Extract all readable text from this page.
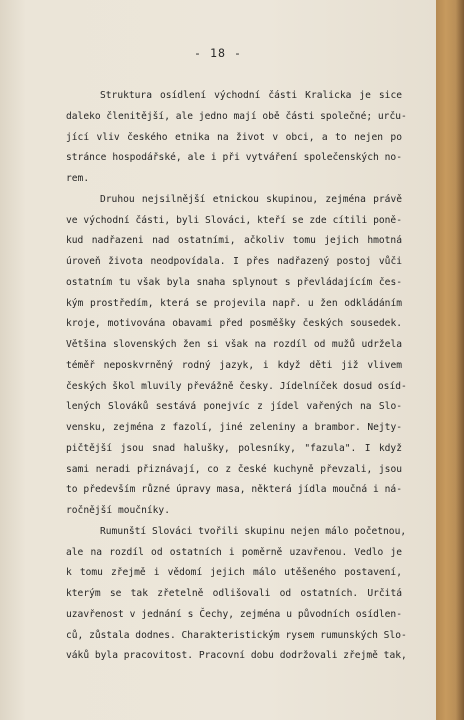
- 18 -
Struktura osídlení východní části Kralicka je sice
daleko členitější, ale jedno mají obě části společné; urču-
jící vliv českého etnika na život v obci, a to nejen po
stránce hospodářské, ale i při vytváření společenských no-
rem.
Druhou nejsilnější etnickou skupinou, zejména právě
ve východní části, byli Slováci, kteří se zde cítili poně-
kud nadřazeni nad ostatními, ačkoliv tomu jejich hmotná
úroveň života neodpovídala. I přes nadřazený postoj vůči
ostatním tu však byla snaha splynout s převládajícím čes-
kým prostředím, která se projevila např. u žen odkládáním
kroje, motivována obavami před posměšky českých sousedek.
Většina slovenských žen si však na rozdíl od mužů udržela
téměř neposkvrněný rodný jazyk, i když děti již vlivem
českých škol mluvily převážně česky. Jídelníček dosud osíd-
lených Slováků sestává ponejvíc z jídel vařených na Slo-
vensku, zejména z fazolí, jiné zeleniny a brambor. Nejty-
pičtější jsou snad halušky, polesníky, "fazula". I když
sami neradi přiznávají, co z české kuchyně převzali, jsou
to především různé úpravy masa, některá jídla moučná i ná-
ročnější moučníky.
Rumunští Slováci tvořili skupinu nejen málo početnou,
ale na rozdíl od ostatních i poměrně uzavřenou. Vedlo je
k tomu zřejmě i vědomí jejich málo utěšeného postavení,
kterým se tak zřetelně odlišovali od ostatních. Určitá
uzavřenost v jednání s Čechy, zejména u původních osídlen-
ců, zůstala dodnes. Charakteristickým rysem rumunských Slo-
váků byla pracovitost. Pracovní dobu dodržovali zřejmě tak,
